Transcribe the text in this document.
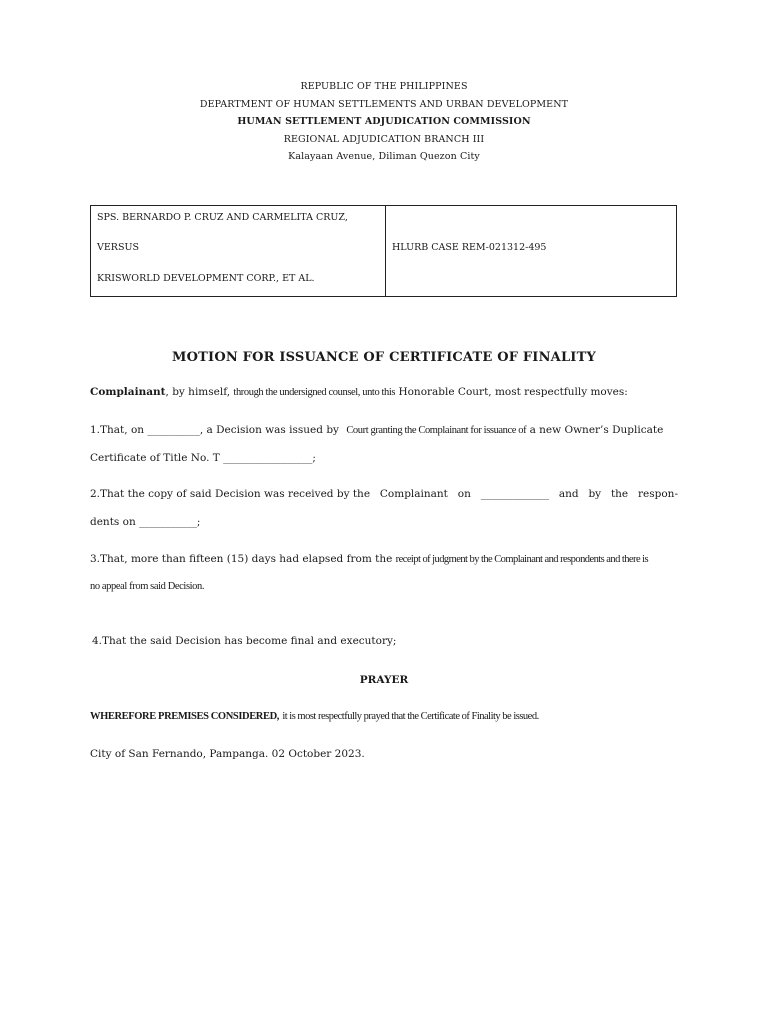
REPUBLIC OF THE PHILIPPINES
DEPARTMENT OF HUMAN SETTLEMENTS AND URBAN DEVELOPMENT
HUMAN SETTLEMENT ADJUDICATION COMMISSION
REGIONAL ADJUDICATION BRANCH III
Kalayaan Avenue, Diliman Quezon City
SPS. BERNARDO P. CRUZ AND CARMELITA CRUZ,
VERSUS
KRISWORLD DEVELOPMENT CORP., ET AL.
HLURB CASE REM-021312-495
MOTION FOR ISSUANCE OF CERTIFICATE OF FINALITY
Complainant, by himself, through the undersigned counsel, unto this Honorable Court, most respectfully moves:
1.That, on __________, a Decision was issued by Court granting the Complainant for issuance of a new Owner’s Duplicate
Certificate of Title No. T _________________;
2.That the copy of said Decision was received by the Complainant on _____________ and by the respon-
dents on ___________;
3.That, more than fifteen (15) days had elapsed from the receipt of judgment by the Complainant and respondents and there is
no appeal from said Decision.
4.That the said Decision has become final and executory;
PRAYER
WHEREFORE PREMISES CONSIDERED, it is most respectfully prayed that the Certificate of Finality be issued.
City of San Fernando, Pampanga. 02 October 2023.
